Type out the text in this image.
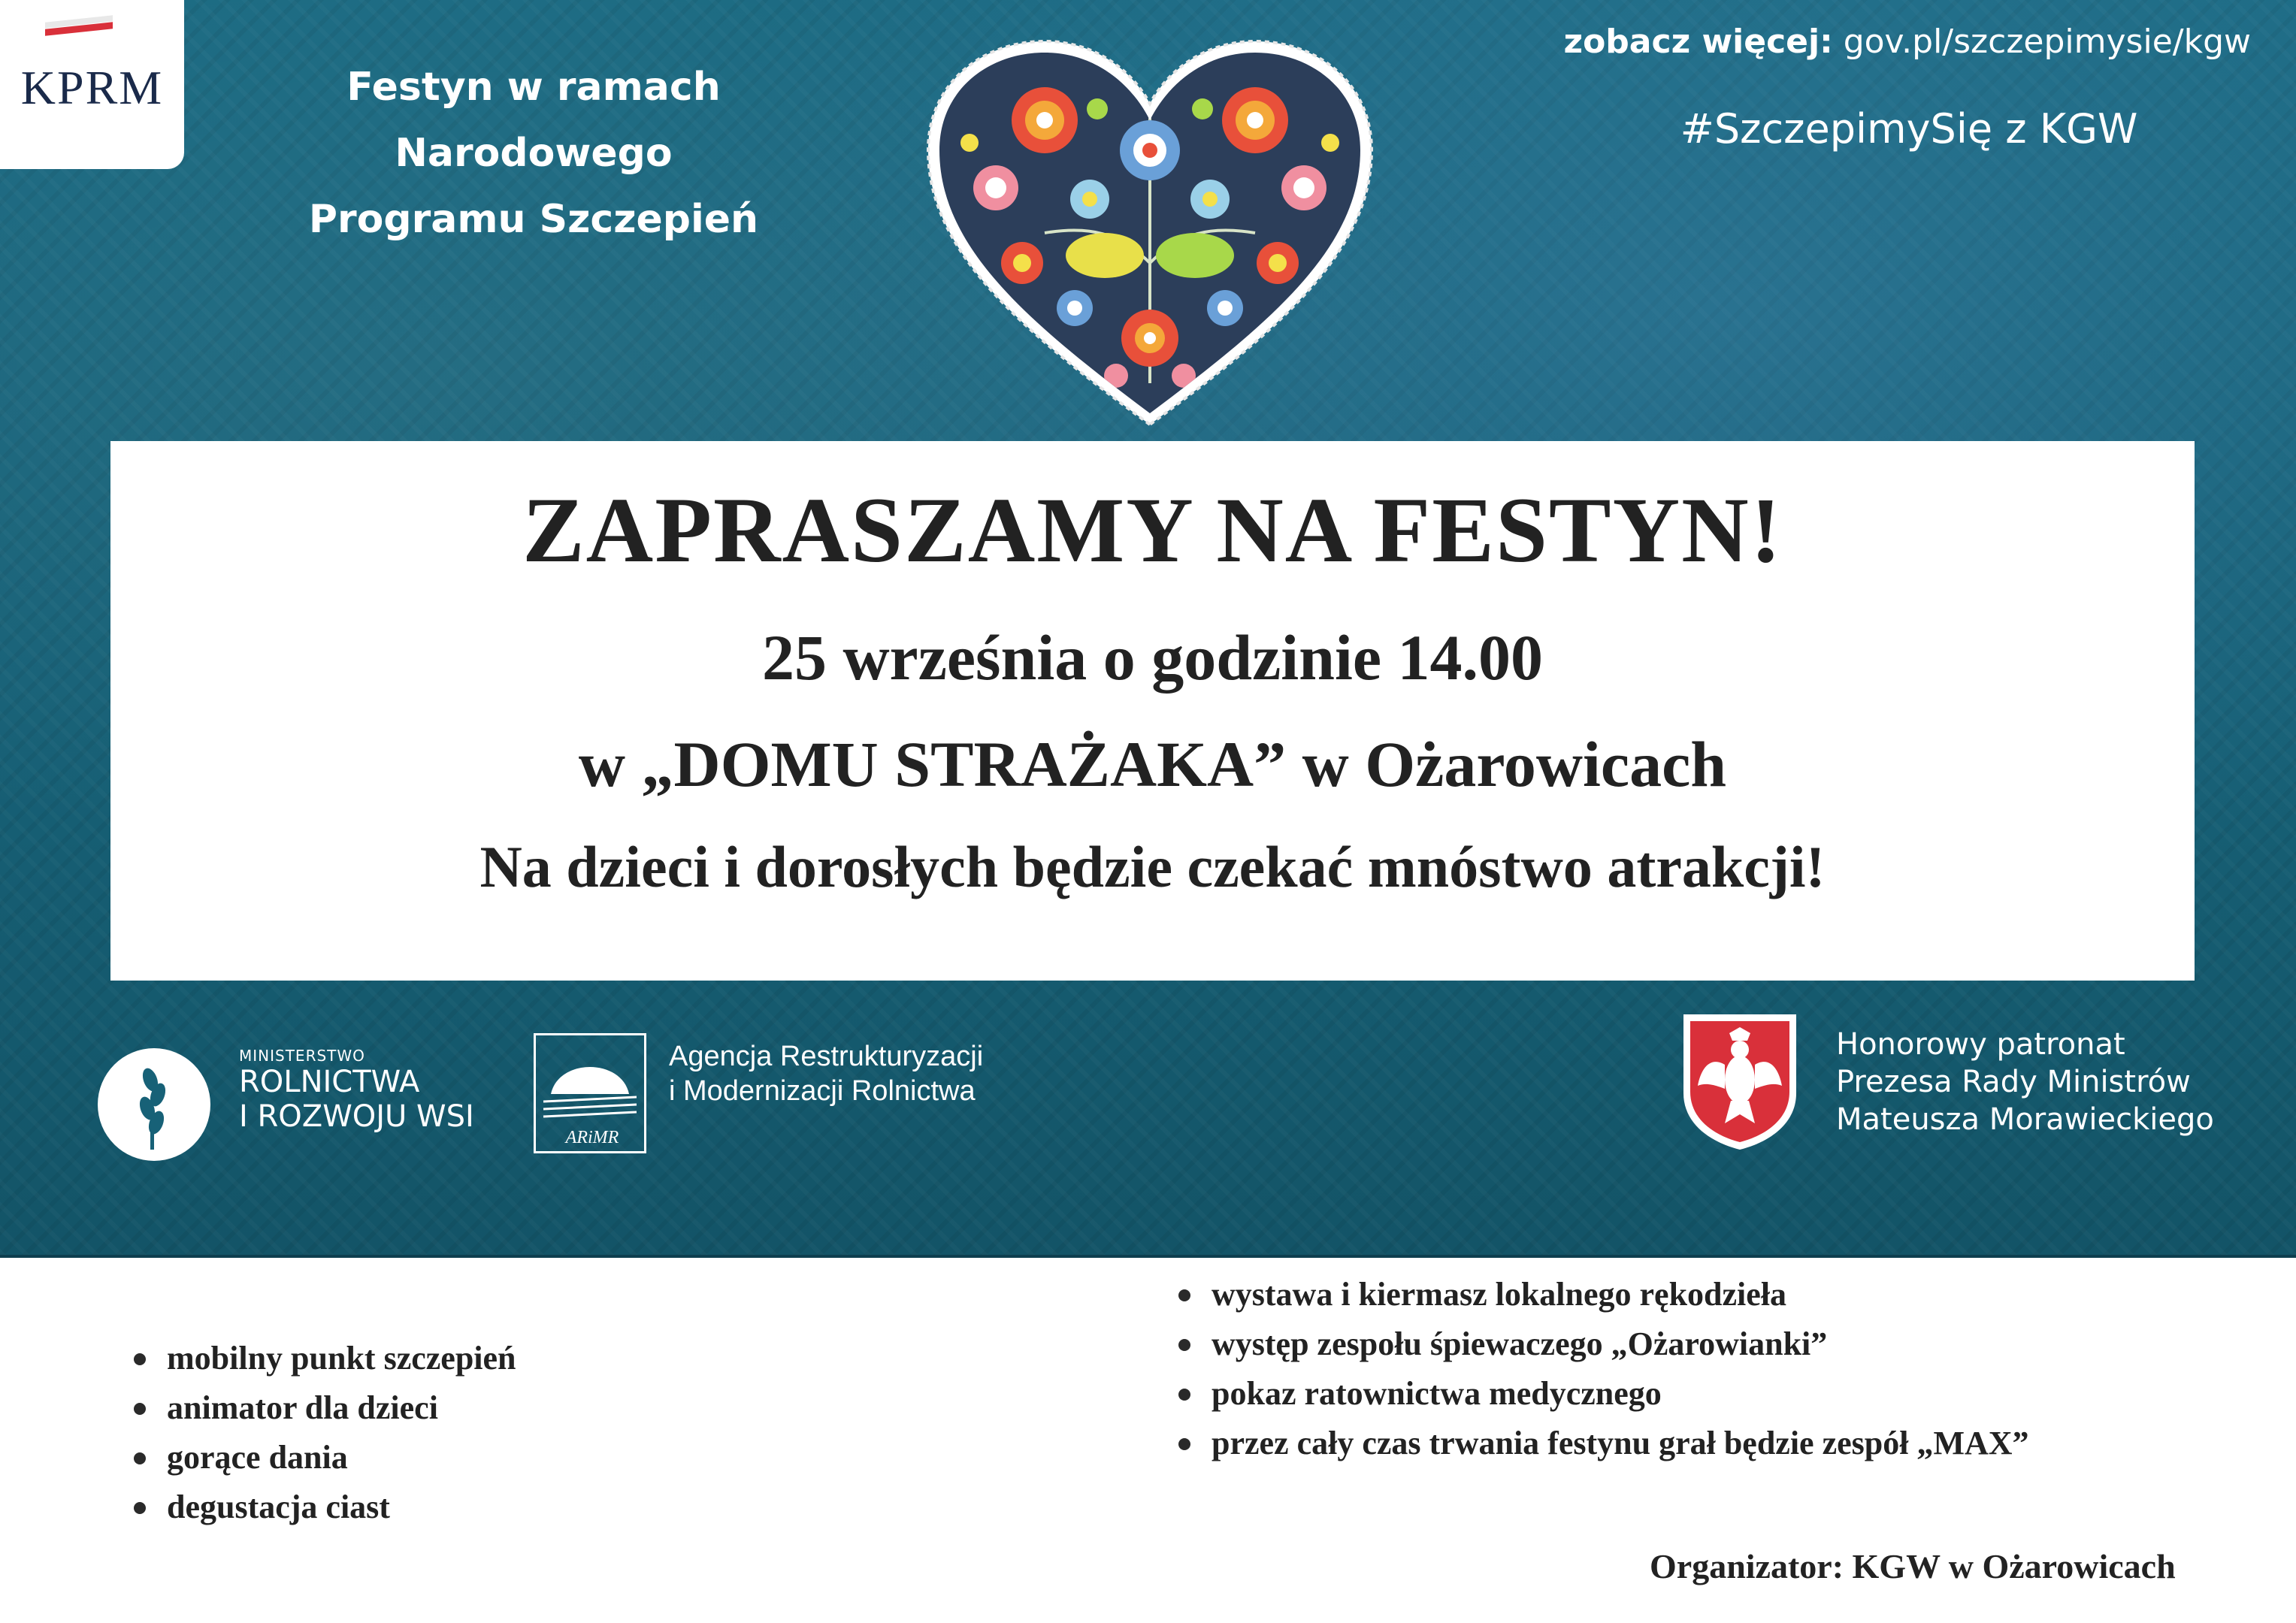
KPRM	Festyn w ramach
Narodowego
Programu Szczepień
zobacz więcej: gov.pl/szczepimysie/kgw
#SzczepimySię z KGW
ZAPRASZAMY NA FESTYN!
25 września o godzinie 14.00
w „DOMU STRAŻAKA” w Ożarowicach
Na dzieci i dorosłych będzie czekać mnóstwo atrakcji!
MINISTERSTWO
ROLNICTWA
I ROZWOJU WSI
ARiMR
Agencja Restrukturyzacji
i Modernizacji Rolnictwa
Honorowy patronat
Prezesa Rady Ministrów
Mateusza Morawieckiego
mobilny punkt szczepień
animator dla dzieci
gorące dania
degustacja ciast
wystawa i kiermasz lokalnego rękodzieła
występ zespołu śpiewaczego „Ożarowianki”
pokaz ratownictwa medycznego
przez cały czas trwania festynu grał będzie zespół „MAX”
Organizator: KGW w Ożarowicach
